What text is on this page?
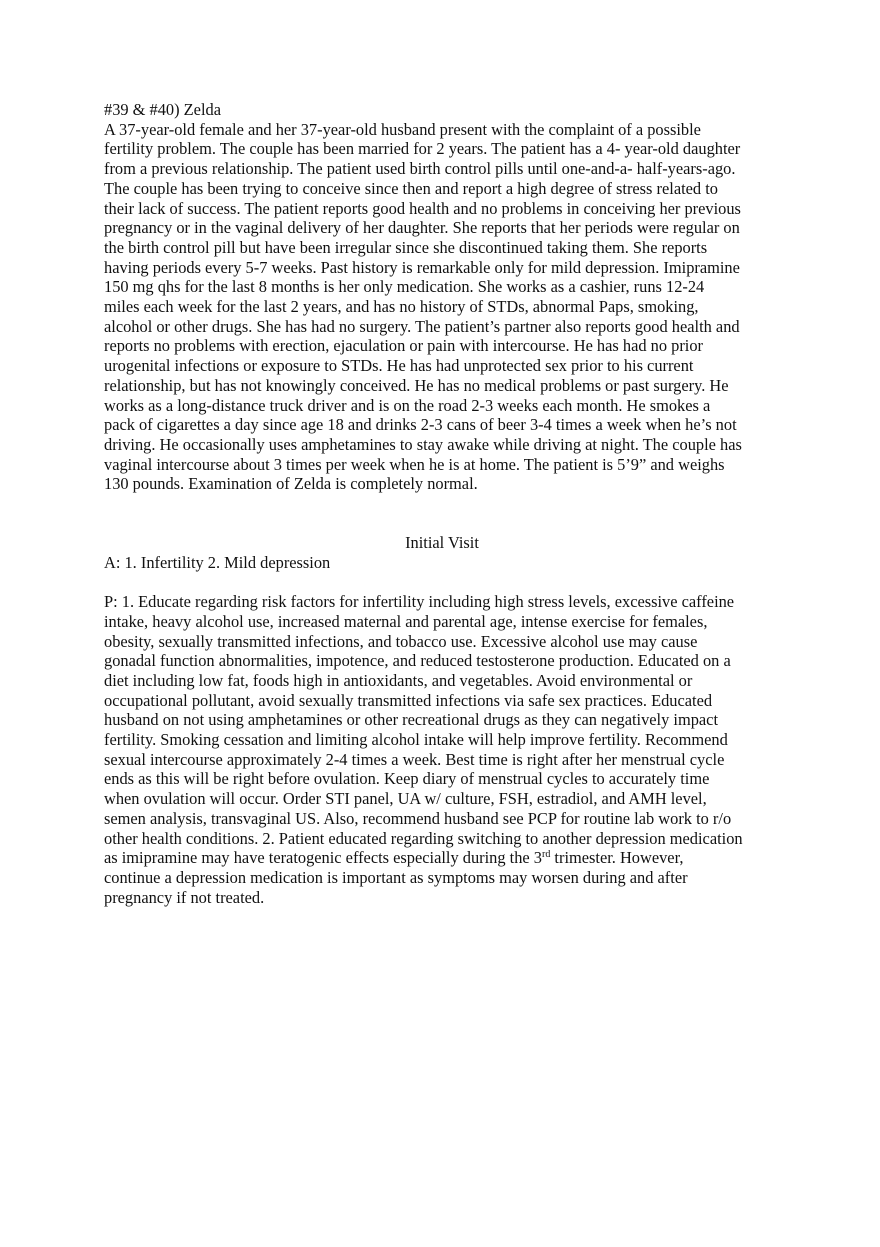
#39 & #40) Zelda
A 37-year-old female and her 37-year-old husband present with the complaint of a possible
fertility problem. The couple has been married for 2 years. The patient has a 4- year-old daughter
from a previous relationship. The patient used birth control pills until one-and-a- half-years-ago.
The couple has been trying to conceive since then and report a high degree of stress related to
their lack of success. The patient reports good health and no problems in conceiving her previous
pregnancy or in the vaginal delivery of her daughter. She reports that her periods were regular on
the birth control pill but have been irregular since she discontinued taking them. She reports
having periods every 5-7 weeks. Past history is remarkable only for mild depression. Imipramine
150 mg qhs for the last 8 months is her only medication. She works as a cashier, runs 12-24
miles each week for the last 2 years, and has no history of STDs, abnormal Paps, smoking,
alcohol or other drugs. She has had no surgery. The patient’s partner also reports good health and
reports no problems with erection, ejaculation or pain with intercourse. He has had no prior
urogenital infections or exposure to STDs. He has had unprotected sex prior to his current
relationship, but has not knowingly conceived. He has no medical problems or past surgery. He
works as a long-distance truck driver and is on the road 2-3 weeks each month. He smokes a
pack of cigarettes a day since age 18 and drinks 2-3 cans of beer 3-4 times a week when he’s not
driving. He occasionally uses amphetamines to stay awake while driving at night. The couple has
vaginal intercourse about 3 times per week when he is at home. The patient is 5’9” and weighs
130 pounds. Examination of Zelda is completely normal.
Initial Visit
A: 1. Infertility 2. Mild depression
P: 1. Educate regarding risk factors for infertility including high stress levels, excessive caffeine
intake, heavy alcohol use, increased maternal and parental age, intense exercise for females,
obesity, sexually transmitted infections, and tobacco use. Excessive alcohol use may cause
gonadal function abnormalities, impotence, and reduced testosterone production. Educated on a
diet including low fat, foods high in antioxidants, and vegetables. Avoid environmental or
occupational pollutant, avoid sexually transmitted infections via safe sex practices. Educated
husband on not using amphetamines or other recreational drugs as they can negatively impact
fertility. Smoking cessation and limiting alcohol intake will help improve fertility. Recommend
sexual intercourse approximately 2-4 times a week. Best time is right after her menstrual cycle
ends as this will be right before ovulation. Keep diary of menstrual cycles to accurately time
when ovulation will occur. Order STI panel, UA w/ culture, FSH, estradiol, and AMH level,
semen analysis, transvaginal US. Also, recommend husband see PCP for routine lab work to r/o
other health conditions. 2. Patient educated regarding switching to another depression medication
as imipramine may have teratogenic effects especially during the 3rd trimester. However,
continue a depression medication is important as symptoms may worsen during and after
pregnancy if not treated.
